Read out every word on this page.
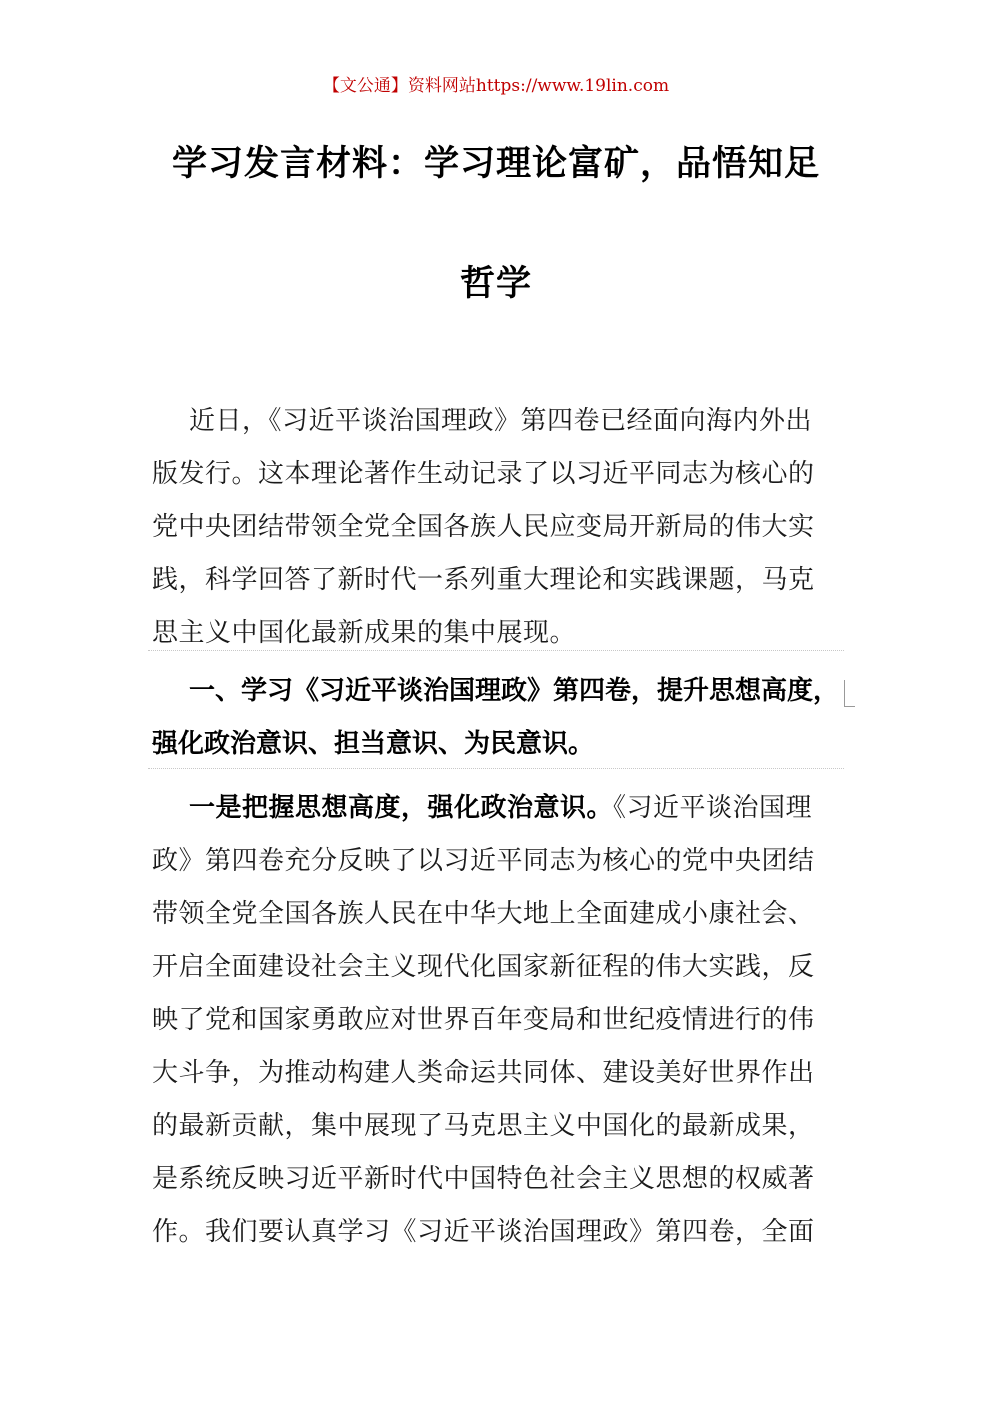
【文公通】资料网站https://www.19lin.com
学习发言材料：学习理论富矿，品悟知足
哲学
近日，《习近平谈治国理政》第四卷已经面向海内外出
版发行。这本理论著作生动记录了以习近平同志为核心的
党中央团结带领全党全国各族人民应变局开新局的伟大实
践，科学回答了新时代一系列重大理论和实践课题，马克
思主义中国化最新成果的集中展现。
一、学习《习近平谈治国理政》第四卷，提升思想高度，
强化政治意识、担当意识、为民意识。
一是把握思想高度，强化政治意识。《习近平谈治国理
政》第四卷充分反映了以习近平同志为核心的党中央团结
带领全党全国各族人民在中华大地上全面建成小康社会、
开启全面建设社会主义现代化国家新征程的伟大实践，反
映了党和国家勇敢应对世界百年变局和世纪疫情进行的伟
大斗争，为推动构建人类命运共同体、建设美好世界作出
的最新贡献，集中展现了马克思主义中国化的最新成果，
是系统反映习近平新时代中国特色社会主义思想的权威著
作。我们要认真学习《习近平谈治国理政》第四卷，全面
